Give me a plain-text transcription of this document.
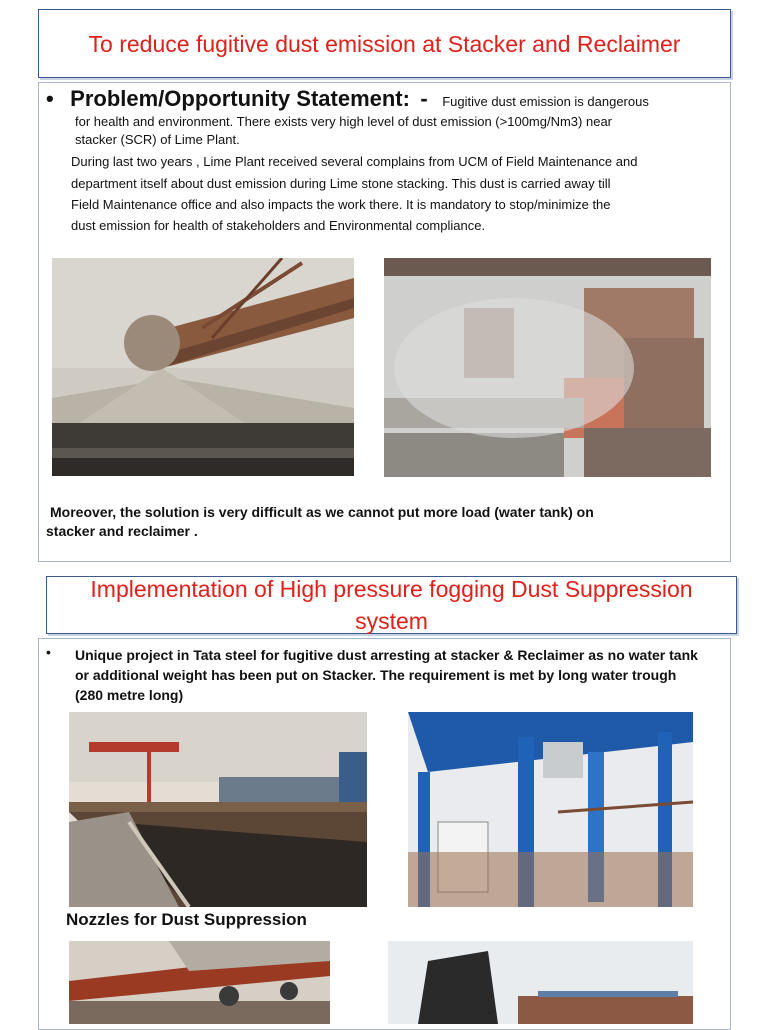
To reduce fugitive dust emission at Stacker and Reclaimer
• Problem/Opportunity Statement: - Fugitive dust emission is dangerous
for health and environment. There exists very high level of dust emission (>100mg/Nm3) near
stacker (SCR) of Lime Plant.
During last two years , Lime Plant received several complains from UCM of Field Maintenance and
department itself about dust emission during Lime stone stacking. This dust is carried away till
Field Maintenance office and also impacts the work there. It is mandatory to stop/minimize the
dust emission for health of stakeholders and Environmental compliance.
Moreover, the solution is very difficult as we cannot put more load (water tank) on
stacker and reclaimer .
Implementation of High pressure fogging Dust Suppression system
• Unique project in Tata steel for fugitive dust arresting at stacker & Reclaimer as no water tank
or additional weight has been put on Stacker. The requirement is met by long water trough
(280 metre long)
Nozzles for Dust Suppression
